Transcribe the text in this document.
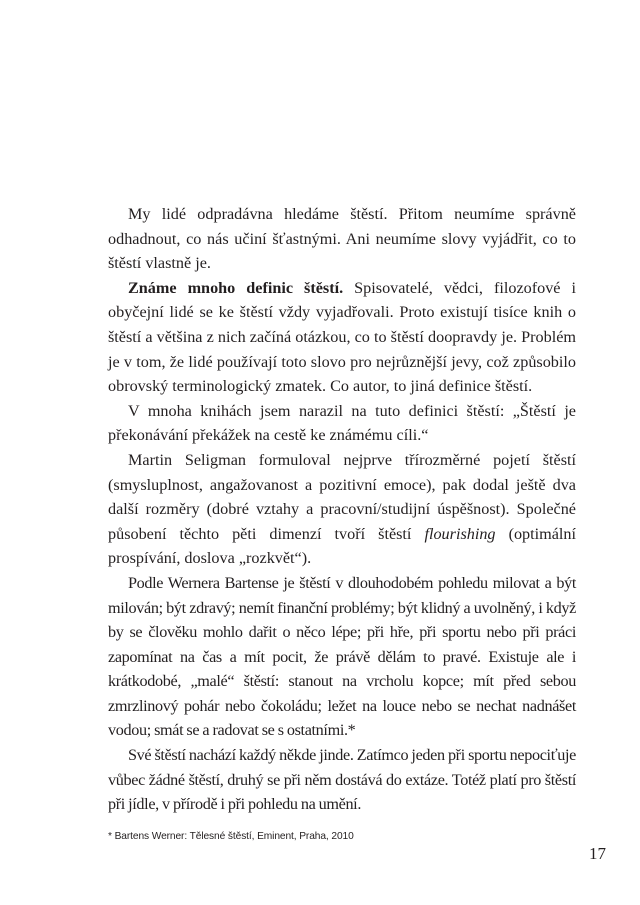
My lidé odpradávna hledáme štěstí. Přitom neumíme správně odhadnout, co nás učiní šťastnými. Ani neumíme slovy vyjádřit, co to štěstí vlastně je.

Známe mnoho definic štěstí. Spisovatelé, vědci, filozofové i obyčejní lidé se ke štěstí vždy vyjadřovali. Proto existují tisíce knih o štěstí a většina z nich začíná otázkou, co to štěstí doopravdy je. Problém je v tom, že lidé používají toto slovo pro nejrůznější jevy, což způsobilo obrovský terminologický zmatek. Co autor, to jiná definice štěstí.

V mnoha knihách jsem narazil na tuto definici štěstí: „Štěstí je překonávání překážek na cestě ke známému cíli.“

Martin Seligman formuloval nejprve třírozměrné pojetí štěstí (smysluplnost, angažovanost a pozitivní emoce), pak dodal ještě dva další rozměry (dobré vztahy a pracovní/studijní úspěšnost). Společné působení těchto pěti dimenzí tvoří štěstí flourishing (optimální prospívání, doslova „rozkvět“).

Podle Wernera Bartense je štěstí v dlouhodobém pohledu milovat a být milován; být zdravý; nemít finanční problémy; být klidný a uvolněný, i když by se člověku mohlo dařit o něco lépe; při hře, při sportu nebo při práci zapomínat na čas a mít pocit, že právě dělám to pravé. Existuje ale i krátkodobé, „malé“ štěstí: stanout na vrcholu kopce; mít před sebou zmrzlinový pohár nebo čokoládu; ležet na louce nebo se nechat nadnášet vodou; smát se a radovat se s ostatními.*

Své štěstí nachází každý někde jinde. Zatímco jeden při sportu nepociťuje vůbec žádné štěstí, druhý se při něm dostává do extáze. Totéž platí pro štěstí při jídle, v přírodě i při pohledu na umění.

* Bartens Werner: Tělesné štěstí, Eminent, Praha, 2010
17
